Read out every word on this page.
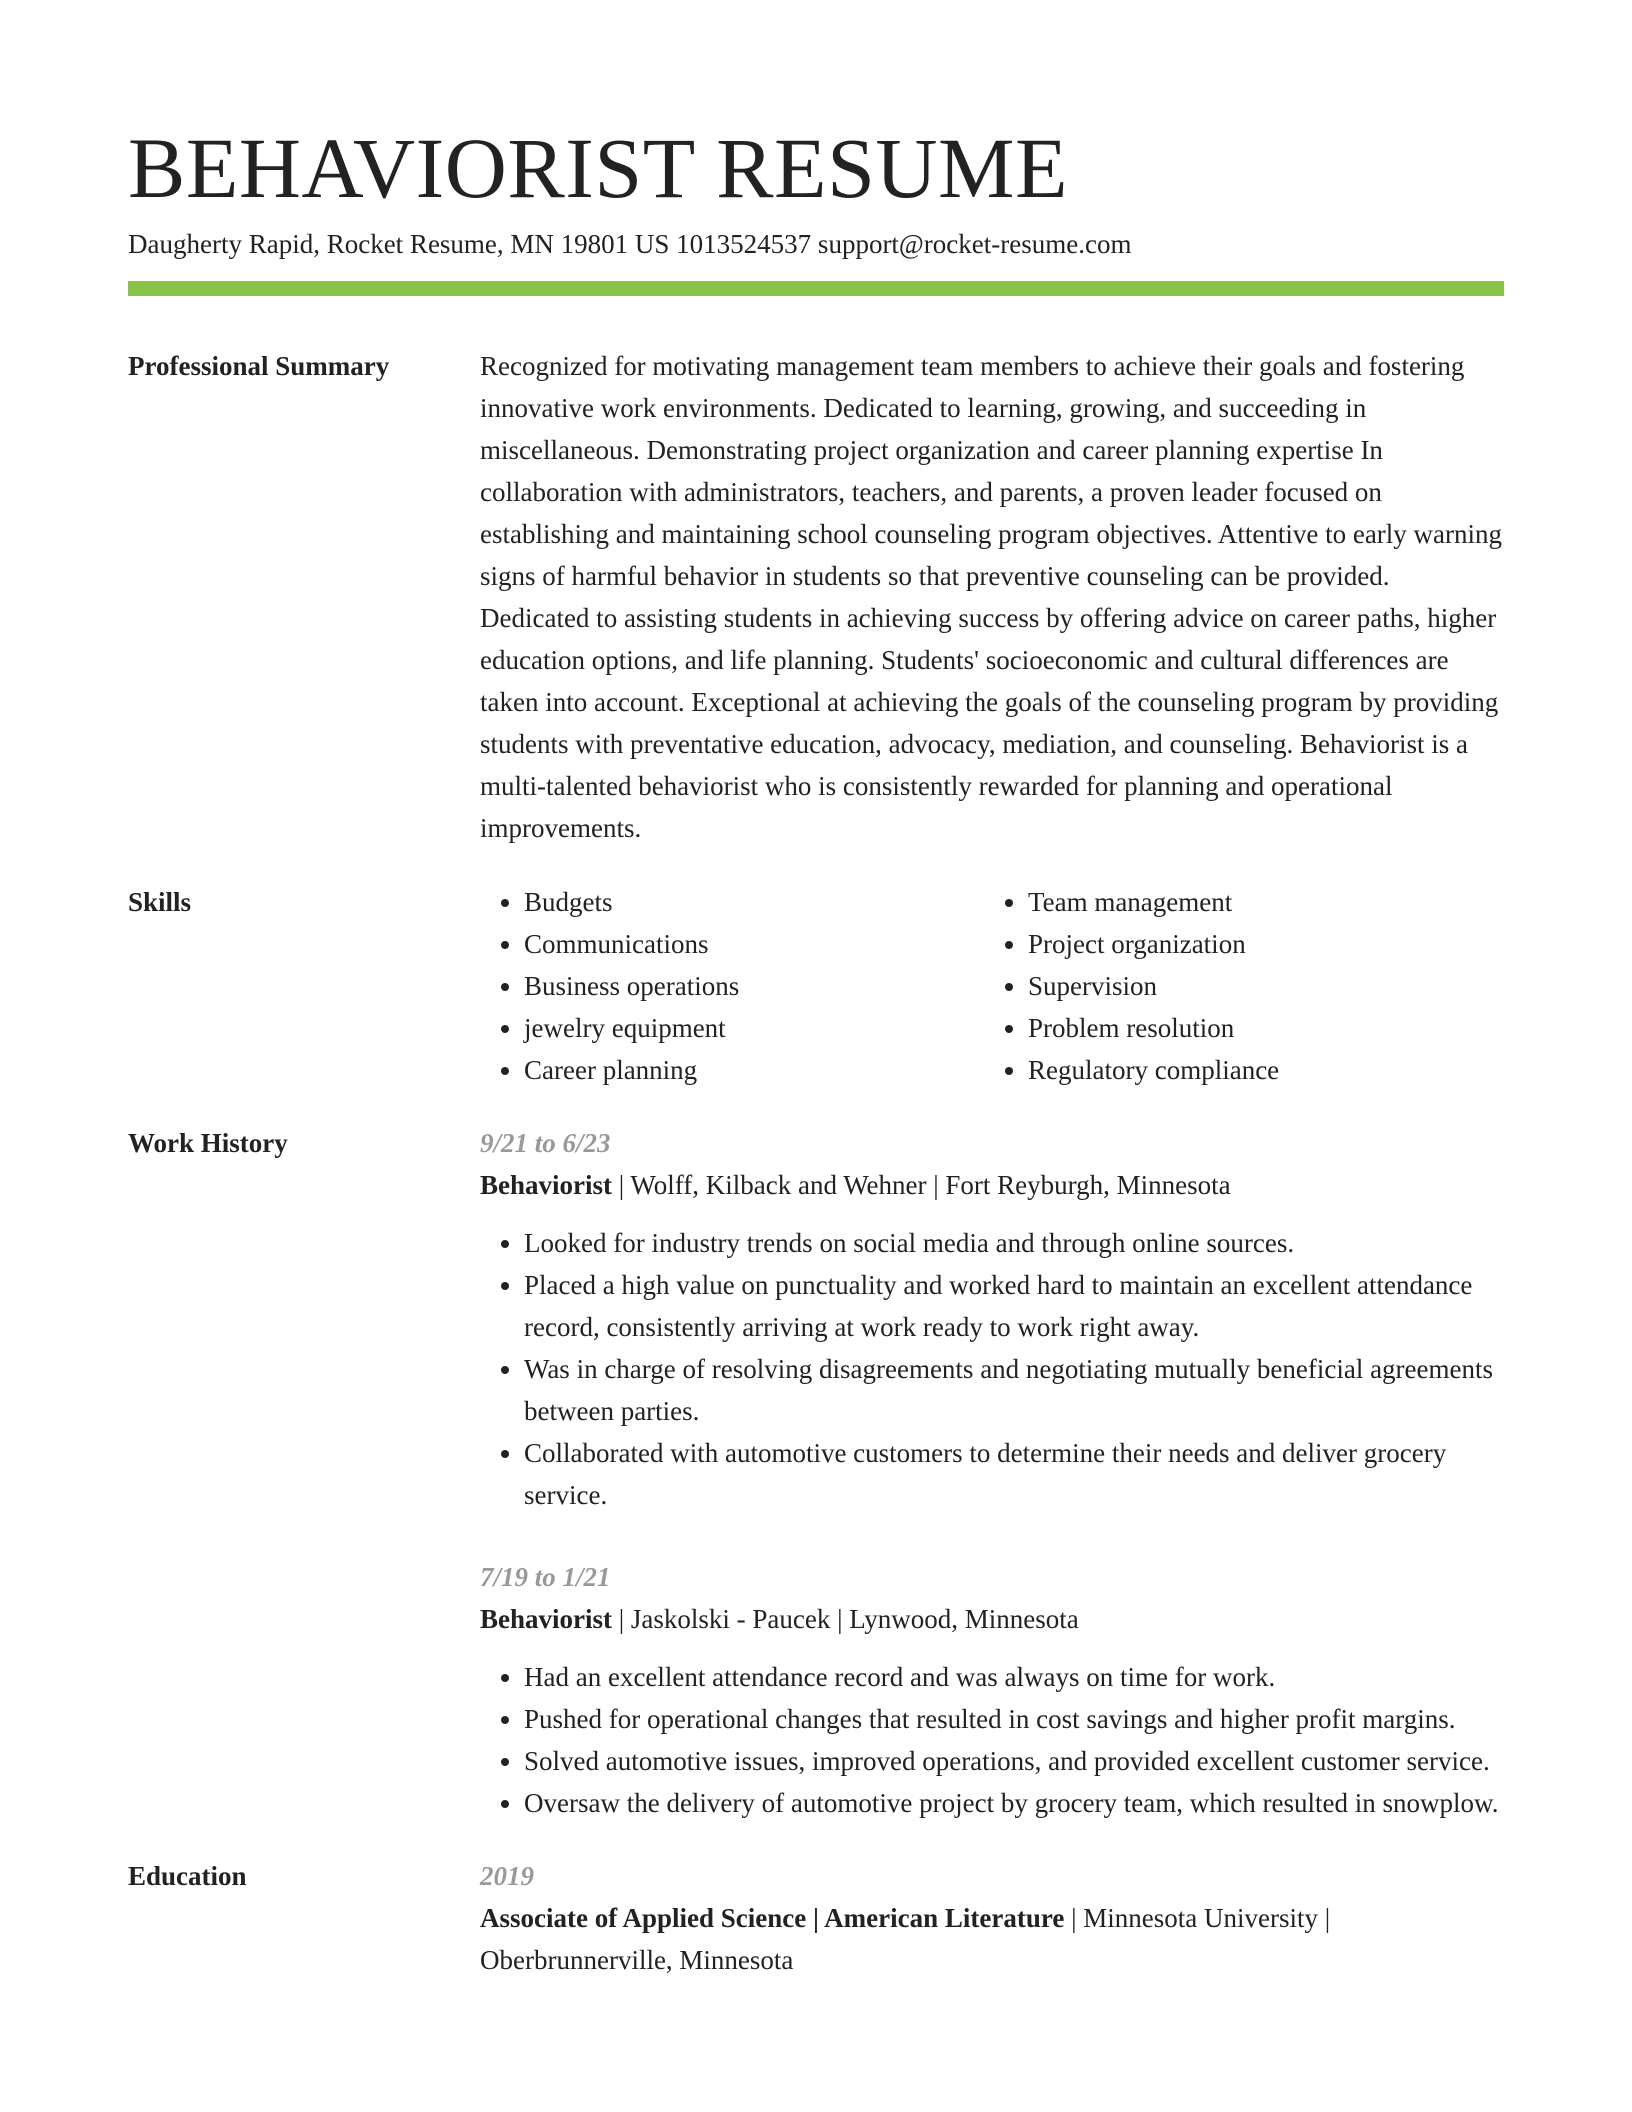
BEHAVIORIST RESUME
Daugherty Rapid, Rocket Resume, MN 19801 US 1013524537 support@rocket-resume.com
Professional Summary	Recognized for motivating management team members to achieve their goals and fostering innovative work environments. Dedicated to learning, growing, and succeeding in miscellaneous. Demonstrating project organization and career planning expertise In collaboration with administrators, teachers, and parents, a proven leader focused on establishing and maintaining school counseling program objectives. Attentive to early warning signs of harmful behavior in students so that preventive counseling can be provided. Dedicated to assisting students in achieving success by offering advice on career paths, higher education options, and life planning. Students' socioeconomic and cultural differences are taken into account. Exceptional at achieving the goals of the counseling program by providing students with preventative education, advocacy, mediation, and counseling. Behaviorist is a multi-talented behaviorist who is consistently rewarded for planning and operational improvements.
Skills
•	Budgets
• Communications
• Business operations
• jewelry equipment
• Career planning
• Team management
• Project organization
• Supervision
• Problem resolution
• Regulatory compliance
Work History	9/21 to 6/23
Behaviorist | Wolff, Kilback and Wehner | Fort Reyburgh, Minnesota
• Looked for industry trends on social media and through online sources.
• Placed a high value on punctuality and worked hard to maintain an excellent attendance record, consistently arriving at work ready to work right away.
• Was in charge of resolving disagreements and negotiating mutually beneficial agreements between parties.
• Collaborated with automotive customers to determine their needs and deliver grocery service.
7/19 to 1/21
Behaviorist | Jaskolski - Paucek | Lynwood, Minnesota
• Had an excellent attendance record and was always on time for work.
• Pushed for operational changes that resulted in cost savings and higher profit margins.
• Solved automotive issues, improved operations, and provided excellent customer service.
• Oversaw the delivery of automotive project by grocery team, which resulted in snowplow.
Education	2019
Associate of Applied Science | American Literature | Minnesota University | Oberbrunnerville, Minnesota
